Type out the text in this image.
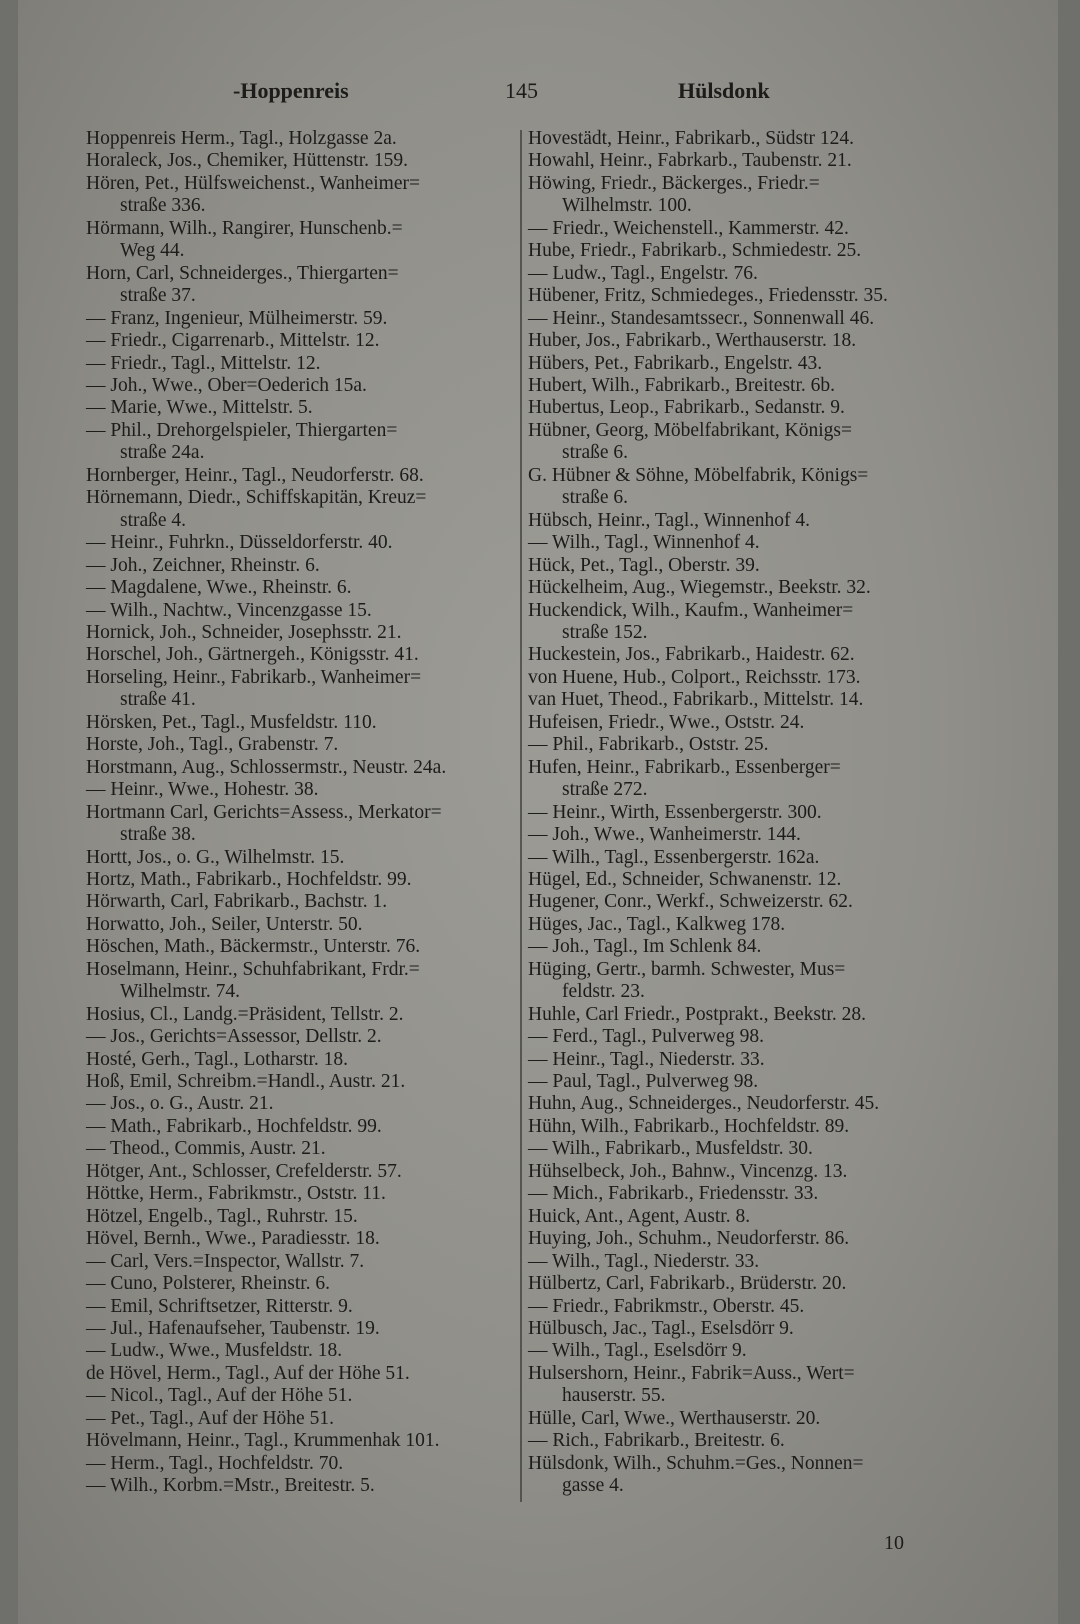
-Hoppenreis	145	Hülsdonk
Hoppenreis Herm., Tagl., Holzgasse 2a.
Horaleck, Jos., Chemiker, Hüttenstr. 159.
Hören, Pet., Hülfsweichenst., Wanheimer=
straße 336.
Hörmann, Wilh., Rangirer, Hunschenb.=
Weg 44.
Horn, Carl, Schneiderges., Thiergarten=
straße 37.
— Franz, Ingenieur, Mülheimerstr. 59.
— Friedr., Cigarrenarb., Mittelstr. 12.
— Friedr., Tagl., Mittelstr. 12.
— Joh., Wwe., Ober=Oederich 15a.
— Marie, Wwe., Mittelstr. 5.
— Phil., Drehorgelspieler, Thiergarten=
straße 24a.
Hornberger, Heinr., Tagl., Neudorferstr. 68.
Hörnemann, Diedr., Schiffskapitän, Kreuz=
straße 4.
— Heinr., Fuhrkn., Düsseldorferstr. 40.
— Joh., Zeichner, Rheinstr. 6.
— Magdalene, Wwe., Rheinstr. 6.
— Wilh., Nachtw., Vincenzgasse 15.
Hornick, Joh., Schneider, Josephsstr. 21.
Horschel, Joh., Gärtnergeh., Königsstr. 41.
Horseling, Heinr., Fabrikarb., Wanheimer=
straße 41.
Hörsken, Pet., Tagl., Musfeldstr. 110.
Horste, Joh., Tagl., Grabenstr. 7.
Horstmann, Aug., Schlossermstr., Neustr. 24a.
— Heinr., Wwe., Hohestr. 38.
Hortmann Carl, Gerichts=Assess., Merkator=
straße 38.
Hortt, Jos., o. G., Wilhelmstr. 15.
Hortz, Math., Fabrikarb., Hochfeldstr. 99.
Hörwarth, Carl, Fabrikarb., Bachstr. 1.
Horwatto, Joh., Seiler, Unterstr. 50.
Höschen, Math., Bäckermstr., Unterstr. 76.
Hoselmann, Heinr., Schuhfabrikant, Frdr.=
Wilhelmstr. 74.
Hosius, Cl., Landg.=Präsident, Tellstr. 2.
— Jos., Gerichts=Assessor, Dellstr. 2.
Hosté, Gerh., Tagl., Lotharstr. 18.
Hoß, Emil, Schreibm.=Handl., Austr. 21.
— Jos., o. G., Austr. 21.
— Math., Fabrikarb., Hochfeldstr. 99.
— Theod., Commis, Austr. 21.
Hötger, Ant., Schlosser, Crefelderstr. 57.
Höttke, Herm., Fabrikmstr., Oststr. 11.
Hötzel, Engelb., Tagl., Ruhrstr. 15.
Hövel, Bernh., Wwe., Paradiesstr. 18.
— Carl, Vers.=Inspector, Wallstr. 7.
— Cuno, Polsterer, Rheinstr. 6.
— Emil, Schriftsetzer, Ritterstr. 9.
— Jul., Hafenaufseher, Taubenstr. 19.
— Ludw., Wwe., Musfeldstr. 18.
de Hövel, Herm., Tagl., Auf der Höhe 51.
— Nicol., Tagl., Auf der Höhe 51.
— Pet., Tagl., Auf der Höhe 51.
Hövelmann, Heinr., Tagl., Krummenhak 101.
— Herm., Tagl., Hochfeldstr. 70.
— Wilh., Korbm.=Mstr., Breitestr. 5.
Hovestädt, Heinr., Fabrikarb., Südstr 124.
Howahl, Heinr., Fabrkarb., Taubenstr. 21.
Höwing, Friedr., Bäckerges., Friedr.=
Wilhelmstr. 100.
— Friedr., Weichenstell., Kammerstr. 42.
Hube, Friedr., Fabrikarb., Schmiedestr. 25.
— Ludw., Tagl., Engelstr. 76.
Hübener, Fritz, Schmiedeges., Friedensstr. 35.
— Heinr., Standesamtssecr., Sonnenwall 46.
Huber, Jos., Fabrikarb., Werthauserstr. 18.
Hübers, Pet., Fabrikarb., Engelstr. 43.
Hubert, Wilh., Fabrikarb., Breitestr. 6b.
Hubertus, Leop., Fabrikarb., Sedanstr. 9.
Hübner, Georg, Möbelfabrikant, Königs=
straße 6.
G. Hübner & Söhne, Möbelfabrik, Königs=
straße 6.
Hübsch, Heinr., Tagl., Winnenhof 4.
— Wilh., Tagl., Winnenhof 4.
Hück, Pet., Tagl., Oberstr. 39.
Hückelheim, Aug., Wiegemstr., Beekstr. 32.
Huckendick, Wilh., Kaufm., Wanheimer=
straße 152.
Huckestein, Jos., Fabrikarb., Haidestr. 62.
von Huene, Hub., Colport., Reichsstr. 173.
van Huet, Theod., Fabrikarb., Mittelstr. 14.
Hufeisen, Friedr., Wwe., Oststr. 24.
— Phil., Fabrikarb., Oststr. 25.
Hufen, Heinr., Fabrikarb., Essenberger=
straße 272.
— Heinr., Wirth, Essenbergerstr. 300.
— Joh., Wwe., Wanheimerstr. 144.
— Wilh., Tagl., Essenbergerstr. 162a.
Hügel, Ed., Schneider, Schwanenstr. 12.
Hugener, Conr., Werkf., Schweizerstr. 62.
Hüges, Jac., Tagl., Kalkweg 178.
— Joh., Tagl., Im Schlenk 84.
Hüging, Gertr., barmh. Schwester, Mus=
feldstr. 23.
Huhle, Carl Friedr., Postprakt., Beekstr. 28.
— Ferd., Tagl., Pulverweg 98.
— Heinr., Tagl., Niederstr. 33.
— Paul, Tagl., Pulverweg 98.
Huhn, Aug., Schneiderges., Neudorferstr. 45.
Hühn, Wilh., Fabrikarb., Hochfeldstr. 89.
— Wilh., Fabrikarb., Musfeldstr. 30.
Hühselbeck, Joh., Bahnw., Vincenzg. 13.
— Mich., Fabrikarb., Friedensstr. 33.
Huick, Ant., Agent, Austr. 8.
Huying, Joh., Schuhm., Neudorferstr. 86.
— Wilh., Tagl., Niederstr. 33.
Hülbertz, Carl, Fabrikarb., Brüderstr. 20.
— Friedr., Fabrikmstr., Oberstr. 45.
Hülbusch, Jac., Tagl., Eselsdörr 9.
— Wilh., Tagl., Eselsdörr 9.
Hulsershorn, Heinr., Fabrik=Auss., Wert=
hauserstr. 55.
Hülle, Carl, Wwe., Werthauserstr. 20.
— Rich., Fabrikarb., Breitestr. 6.
Hülsdonk, Wilh., Schuhm.=Ges., Nonnen=
gasse 4.
10
